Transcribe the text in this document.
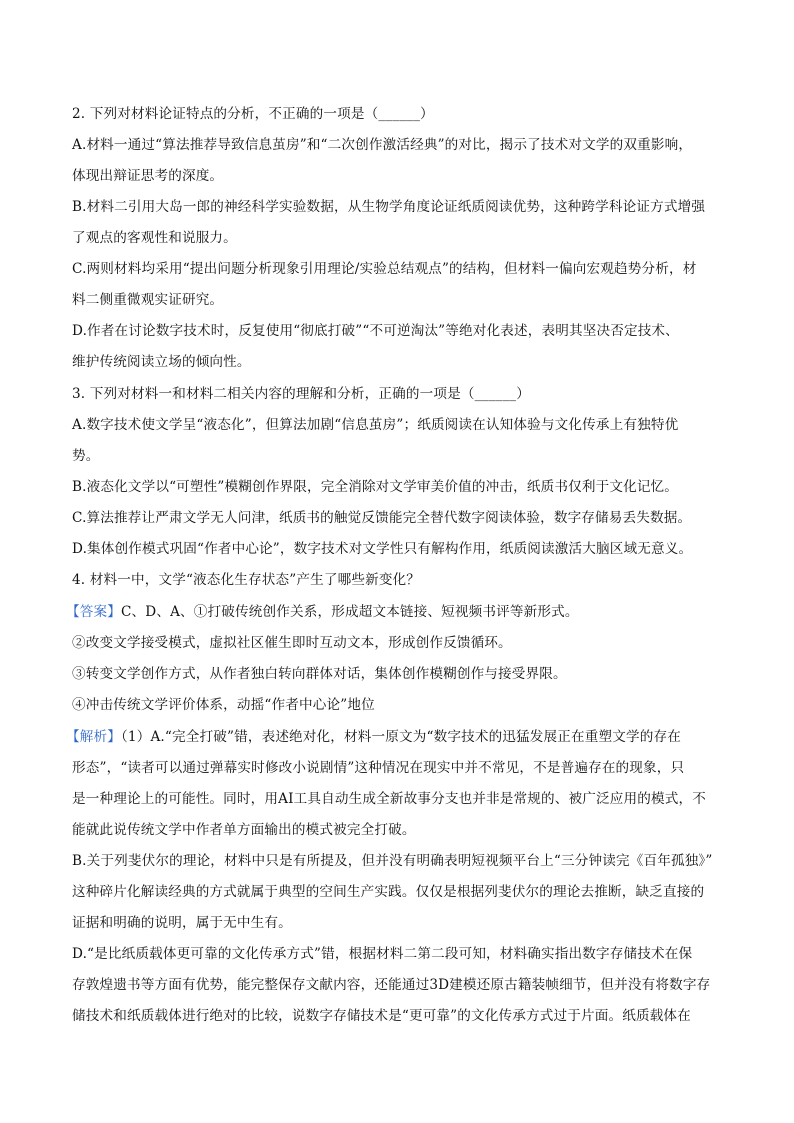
2. 下列对材料论证特点的分析，不正确的一项是（______）
A.材料一通过“算法推荐导致信息茧房”和“二次创作激活经典”的对比，揭示了技术对文学的双重影响，
体现出辩证思考的深度。
B.材料二引用大岛一郎的神经科学实验数据，从生物学角度论证纸质阅读优势，这种跨学科论证方式增强
了观点的客观性和说服力。
C.两则材料均采用“提出问题分析现象引用理论/实验总结观点”的结构，但材料一偏向宏观趋势分析，材
料二侧重微观实证研究。
D.作者在讨论数字技术时，反复使用“彻底打破”“不可逆淘汰”等绝对化表述，表明其坚决否定技术、
维护传统阅读立场的倾向性。
3. 下列对材料一和材料二相关内容的理解和分析，正确的一项是（______）
A.数字技术使文学呈“液态化”，但算法加剧“信息茧房”；纸质阅读在认知体验与文化传承上有独特优
势。
B.液态化文学以“可塑性”模糊创作界限，完全消除对文学审美价值的冲击，纸质书仅利于文化记忆。
C.算法推荐让严肃文学无人问津，纸质书的触觉反馈能完全替代数字阅读体验，数字存储易丢失数据。
D.集体创作模式巩固“作者中心论”，数字技术对文学性只有解构作用，纸质阅读激活大脑区域无意义。
4. 材料一中，文学“液态化生存状态”产生了哪些新变化？
【答案】C、D、A、①打破传统创作关系，形成超文本链接、短视频书评等新形式。
②改变文学接受模式，虚拟社区催生即时互动文本，形成创作反馈循环。
③转变文学创作方式，从作者独白转向群体对话，集体创作模糊创作与接受界限。
④冲击传统文学评价体系，动摇“作者中心论”地位
【解析】（1）A.“完全打破”错，表述绝对化，材料一原文为“数字技术的迅猛发展正在重塑文学的存在
形态”，“读者可以通过弹幕实时修改小说剧情”这种情况在现实中并不常见，不是普遍存在的现象，只
是一种理论上的可能性。同时，用AI工具自动生成全新故事分支也并非是常规的、被广泛应用的模式，不
能就此说传统文学中作者单方面输出的模式被完全打破。
B.关于列斐伏尔的理论，材料中只是有所提及，但并没有明确表明短视频平台上“三分钟读完《百年孤独》”
这种碎片化解读经典的方式就属于典型的空间生产实践。仅仅是根据列斐伏尔的理论去推断，缺乏直接的
证据和明确的说明，属于无中生有。
D.“是比纸质载体更可靠的文化传承方式”错，根据材料二第二段可知，材料确实指出数字存储技术在保
存敦煌遗书等方面有优势，能完整保存文献内容，还能通过3D建模还原古籍装帧细节，但并没有将数字存
储技术和纸质载体进行绝对的比较，说数字存储技术是“更可靠”的文化传承方式过于片面。纸质载体在
